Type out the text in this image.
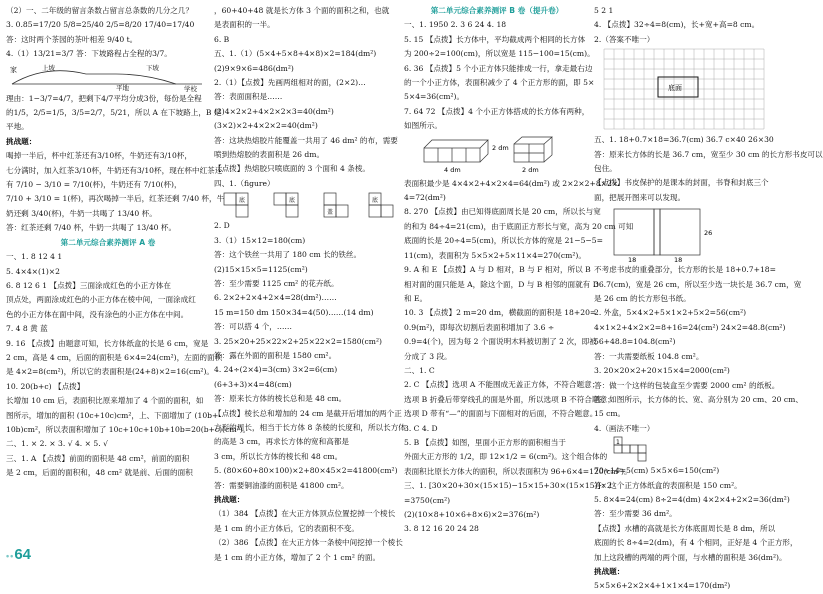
（2）一、二年级的留言条数占留言总条数的几分之几？
3. 0.85=17/20 5/8=25/40 2/5=8/20 17/40=17/40
答：这时两个茶园的茶叶相差 9/40 t。
4.（1）13/21=3/7 答：下坡路程占全程的3/7。
家	上坡
平地
下坡
学校
理由：1−3/7=4/7，把剩下4/7平均分成3份，每份是全程
的1/5，2/5=1/5，3/5=2/7，5/21，所以 A 在下坡路上，B 是
平地。
挑战题：
喝掉一半后，杯中红茶还有3/10杯，牛奶还有3/10杯，
七分满时，加入红茶3/10杯，牛奶还有3/10杯，现在杯中红茶还
有 7/10 − 3/10 = 7/10(杯)，牛奶还有 7/10(杯)，
7/10 + 3/10 = 1(杯)，再次喝掉一半后，红茶还剩 7/40 杯，牛
奶还剩 3/40(杯)，牛奶一共喝了 13/40 杯。
答：红茶还剩 7/40 杯，牛奶一共喝了 13/40 杯。
第二单元综合素养测评 A 卷
一、1. 8 12 4 1
5. 4×4×(1)×2
6. 8 12 6 1 【点拨】三面涂成红色的小正方体在
顶点处，两面涂成红色的小正方体在棱中间，一面涂成红
色的小正方体在面中间，没有涂色的小正方体在中间。
7. 4 8 黄 蓝
9. 16 【点拨】由题意可知，长方体纸盒的长是 6 cm，宽是
2 cm，高是 4 cm，后面的面积是 6×4=24(cm²)，左面的面积
是 4×2=8(cm²)，所以它的表面积是(24+8)×2=16(cm²)。
10. 20(b+c) 【点拨】
长增加 10 cm 后，表面积比原来增加了 4 个面的面积，如
图所示，增加的面积 (10c+10c)cm²，上、下面增加了 (10b+
10b)cm²，所以表面积增加了 10c+10c+10b+10b=20(b+c)(cm²)。
二、1. × 2. × 3. √ 4. × 5. √
三、1. A 【点拨】前面的面积是 48 cm²，前面的面积
是 2 cm，后面的面积和，48 cm² 就是前、后面的面积
，60+40+48 就是长方体 3 个面的面积之和，也就
是表面积的一半。
6. B
五、1.（1）(5×4+5×8+4×8)×2=184(dm²)
(2)9×9×6=486(dm²)
2.（1）【点拨】先画两组相对的面，(2×2)…
答：表面面积是……
(2)4×2×2+4×2×2×3=40(dm²)
(3×2)×2+4×2×2=40(dm²)
答：这块热熔胶片能覆盖一共用了 46 dm² 的布，需要
喷到热熔胶的表面积是 26 dm。
【点拨】热熔胶只喷底面的 3 个面和 4 条棱。
四、1.（figure）
底	底
盖
底
2. D
3.（1）15×12=180(cm)
答：这个铁丝一共用了 180 cm 长的铁丝。
(2)15×15×5=1125(cm²)
答：至少需要 1125 cm² 的花卉纸。
6. 2×2+2×4+2×4=28(dm²)……
15 m=150 dm 150×34=4(50)……(14 dm)
答：可以搭 4 个，……
3. 25×20+25×22×2+25×22×2=1580(cm²)
答：露在外面的面积是 1580 cm²。
4. 24÷(2×4)=3(cm) 3×2=6(cm)
(6+3+3)×4=48(cm)
答：原来长方体的棱长总和是 48 cm。
【点拨】棱长总和增加的 24 cm 是截开后增加的两个正
方形的周长，相当于长方体 8 条棱的长度和，所以长方体
的高是 3 cm，再求长方体的宽和高都是
3 cm，所以长方体的棱长和 48 cm。
5. (80×60+80×100)×2+80×45×2=41800(cm²)
答：需要铜油漆的面积是 41800 cm²。
挑战题：
（1）384 【点拨】在大正方体顶点位置挖掉一个棱长
是 1 cm 的小正方体后，它的表面积不变。
（2）386 【点拨】在大正方体一条棱中间挖掉一个棱长
是 1 cm 的小正方体，增加了 2 个 1 cm² 的面。
第二单元综合素养测评 B 卷（提升卷）
一、1. 1950 2. 3 6 24 4. 18
5. 15 【点拨】长方体中，平均截成两个相同的长方体
为 200÷2=100(cm)，所以宽是 115−100=15(cm)。
6. 36 【点拨】5 个小正方体只能排成一行，拿走最右边
的一个小正方体，表面积减少了 4 个正方形的面，即 5×
5×4=36(cm²)。
7. 64 72 【点拨】4 个小正方体搭成的长方体有两种，
如图所示。
4 dm
2 dm
2 dm
表面积最少是 4×4×2+4×2×4=64(dm²) 或 2×2×2+8×2×
4=72(dm²)
8. 270 【点拨】由已知得底面周长是 20 cm，所以长与宽
的和为 84÷4=21(cm)，由于底面正方形长与宽，高为 20 cm 可知
底面的长是 20÷4=5(cm)，所以长方体的宽是 21−5−5=
11(cm)，表面积为 5×5×2+5×11×4=270(cm²)。
9. A 和 E 【点拨】A 与 D 相对，B 与 F 相对，所以 B
相对面的面只能是 A，除这个面，D 与 B 相邻的面就有 D
和 E。
10. 3 【点拨】2 m=20 dm，横截面的面积是 18+20=
0.9(m²)，即每次切割后表面积增加了 3.6 ÷
0.9=4(个)，因为每 2 个面说明木料被切割了 2 次，即被
分成了 3 段。
二、1. C
2. C 【点拨】选项 A 不能围成无盖正方体，不符合题意；
选项 B 折叠后带穿线孔的面是外面，所以选项 B 不符合题意；
选项 D 带有“—”的面面与下面相对的后面，不符合题意。
3. C 4. D
5. B 【点拨】如图，里面小正方形的面积相当于
外面大正方形的 1/2，即 12×1/2 = 6(cm²)。这个组合体的
表面积比原长方体大的面积，所以表面积为 96+6×4=120(cm²)。
三、1. [30×20+30×(15×15)−15×15+30×(15×15)]×2
=3750(cm²)
(2)(10×8+10×6+8×6)×2=376(m²)
3. 8 12 16 20 24 28
5 2 1
4. 【点拨】32÷4=8(cm)，长+宽+高=8 cm。
2.（答案不唯一）
底面
五、1. 18+0.7×18=36.7(cm) 36.7 c×40 26×30
答：原来长方体的长是 36.7 cm，宽至少 30 cm 的长方形书皮可以
包住。
【点拨】书皮保护的是课本的封面，书脊和封底三个
面，把展开图来可以发现。
26
18	18
不考虑书皮的重叠部分，长方形的长是 18+0.7+18=
36.7(cm)，宽是 26 cm，所以至少选一块长是 36.7 cm，宽
是 26 cm 的长方形包书纸。
2. 外盒，5×4×2+5×1×2+5×2=56(cm²)
4×1×2+4×2×2=8+16=24(cm²) 24×2=48.8(cm²)
56+48.8=104.8(cm²)
答：一共需要纸板 104.8 cm²。
3. 20×20×2+20×15×4=2000(cm²)
答：做一个这样的包装盒至少需要 2000 cm² 的纸板。
答：如图所示，长方体的长、宽、高分别为 20 cm、20 cm、
15 cm。
4.（画法不唯一）
1
70÷14=5(cm) 5×5×6=150(cm²)
答：这个正方体纸盒的表面积是 150 cm²。
5. 8×4=24(cm) 8÷2=4(dm) 4×2×4+2×2=36(dm²)
答：至少需要 36 dm²。
【点拨】水槽的高就是长方体底面周长是 8 dm，所以
底面的长 8÷4=2(dm)，有 4 个相同，正好是 4 个正方形，
加上这段槽的两端的两个面，与水槽的面积是 36(dm²)。
挑战题：
5×5×6+2×2×4+1×1×4=170(dm²)
••64
